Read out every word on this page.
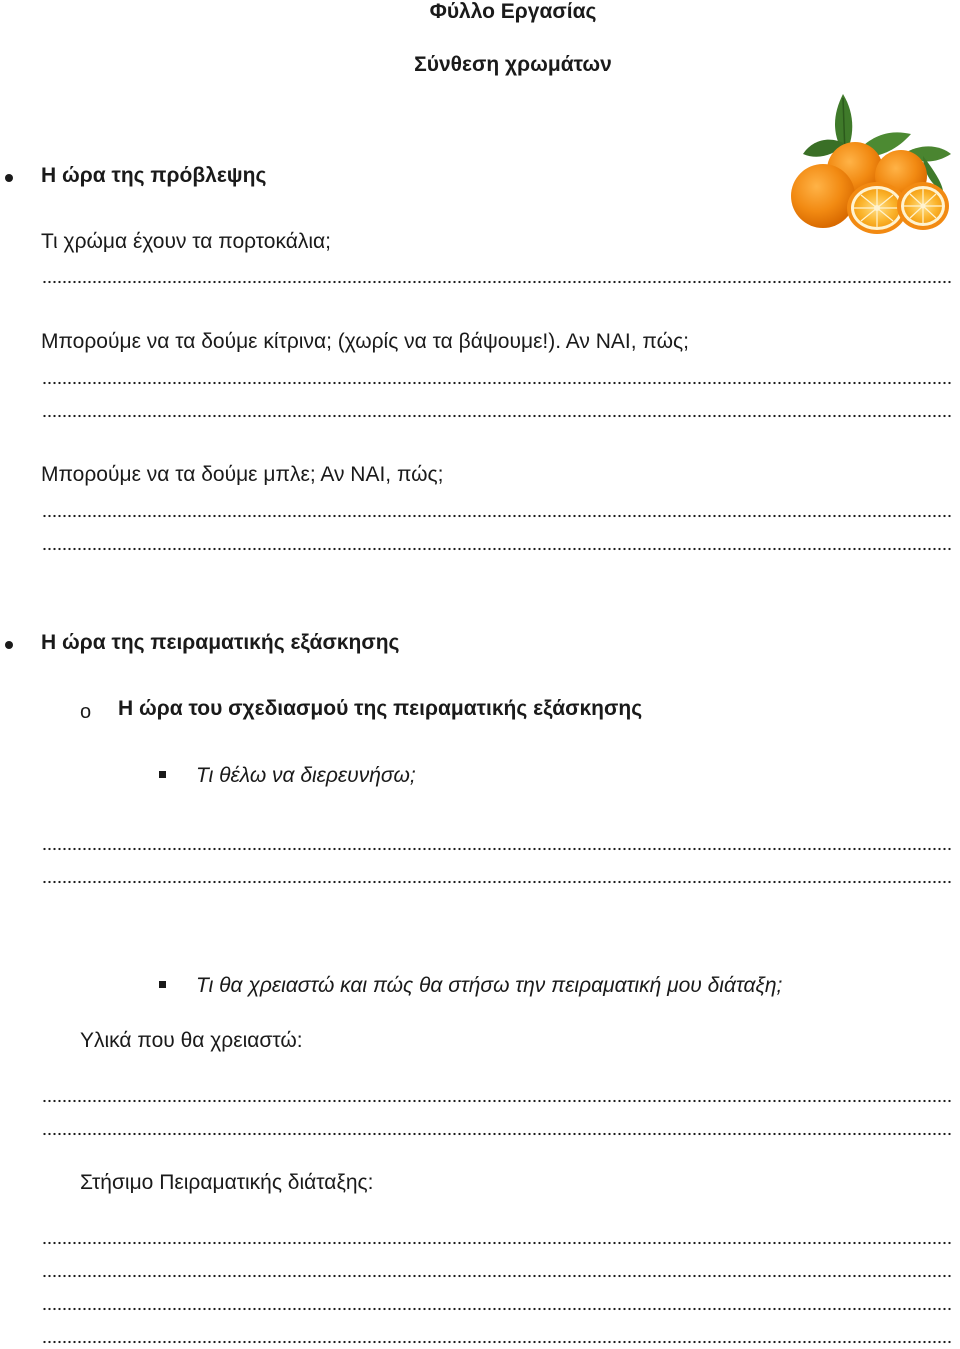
Φύλλο Εργασίας
Σύνθεση χρωμάτων
Η ώρα της πρόβλεψης
Τι χρώμα έχουν τα πορτοκάλια;
Μπορούμε να τα δούμε κίτρινα; (χωρίς να τα βάψουμε!). Αν ΝΑΙ, πώς;
Μπορούμε να τα δούμε μπλε; Αν ΝΑΙ, πώς;
Η ώρα της πειραματικής εξάσκησης
o Η ώρα του σχεδιασμού της πειραματικής εξάσκησης
Τι θέλω να διερευνήσω;
Τι θα χρειαστώ και πώς θα στήσω την πειραματική μου διάταξη;
Υλικά που θα χρειαστώ:
Στήσιμο Πειραματικής διάταξης:
